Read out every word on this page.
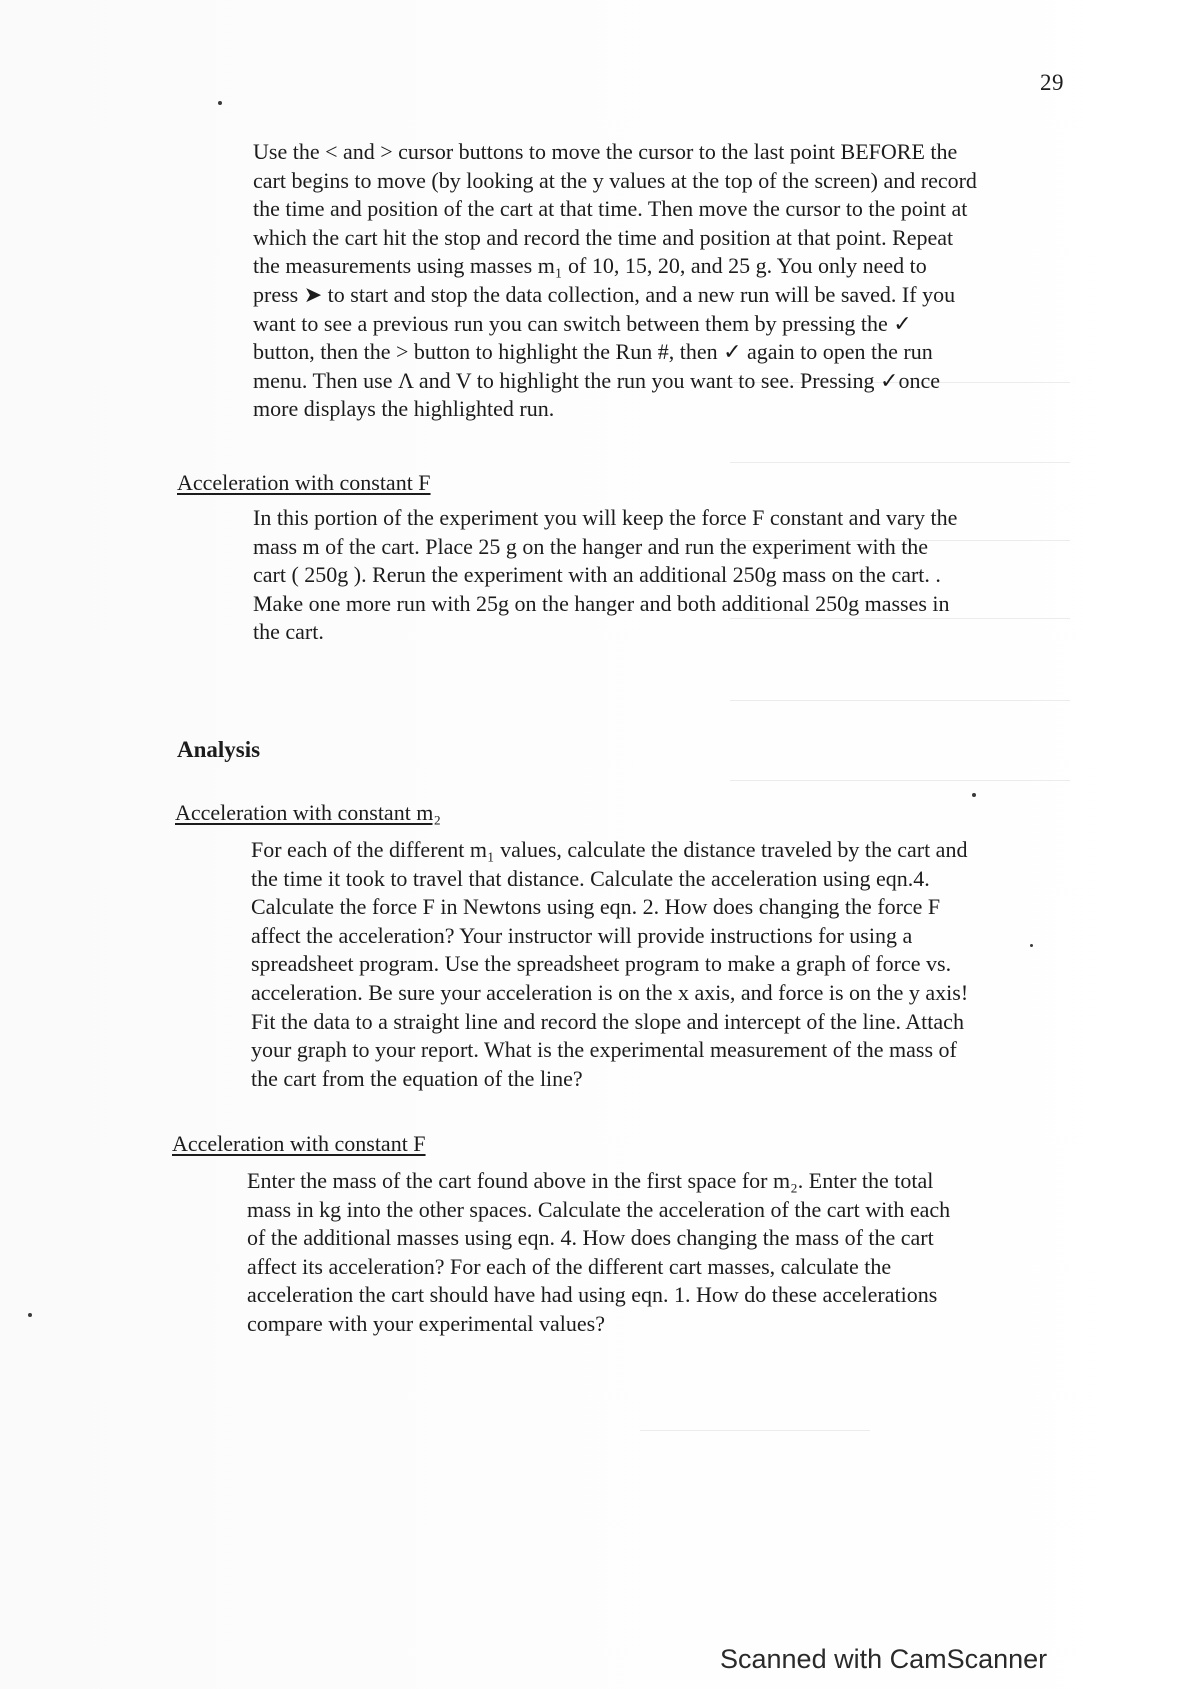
29

Use the < and > cursor buttons to move the cursor to the last point BEFORE the
cart begins to move (by looking at the y values at the top of the screen) and record
the time and position of the cart at that time. Then move the cursor to the point at
which the cart hit the stop and record the time and position at that point. Repeat
the measurements using masses m₁ of 10, 15, 20, and 25 g. You only need to
press ➤ to start and stop the data collection, and a new run will be saved. If you
want to see a previous run you can switch between them by pressing the ✓
button, then the > button to highlight the Run #, then ✓ again to open the run
menu. Then use Λ and V to highlight the run you want to see. Pressing ✓once
more displays the highlighted run.

Acceleration with constant F

In this portion of the experiment you will keep the force F constant and vary the
mass m of the cart. Place 25 g on the hanger and run the experiment with the
cart ( 250g ). Rerun the experiment with an additional 250g mass on the cart. .
Make one more run with 25g on the hanger and both additional 250g masses in
the cart.

Analysis
Acceleration with constant m₂

For each of the different m₁ values, calculate the distance traveled by the cart and
the time it took to travel that distance. Calculate the acceleration using eqn.4.
Calculate the force F in Newtons using eqn. 2. How does changing the force F
affect the acceleration? Your instructor will provide instructions for using a
spreadsheet program. Use the spreadsheet program to make a graph of force vs.
acceleration. Be sure your acceleration is on the x axis, and force is on the y axis!
Fit the data to a straight line and record the slope and intercept of the line. Attach
your graph to your report. What is the experimental measurement of the mass of
the cart from the equation of the line?

Acceleration with constant F

Enter the mass of the cart found above in the first space for m₂. Enter the total
mass in kg into the other spaces. Calculate the acceleration of the cart with each
of the additional masses using eqn. 4. How does changing the mass of the cart
affect its acceleration? For each of the different cart masses, calculate the
acceleration the cart should have had using eqn. 1. How do these accelerations
compare with your experimental values?

Scanned with CamScanner
